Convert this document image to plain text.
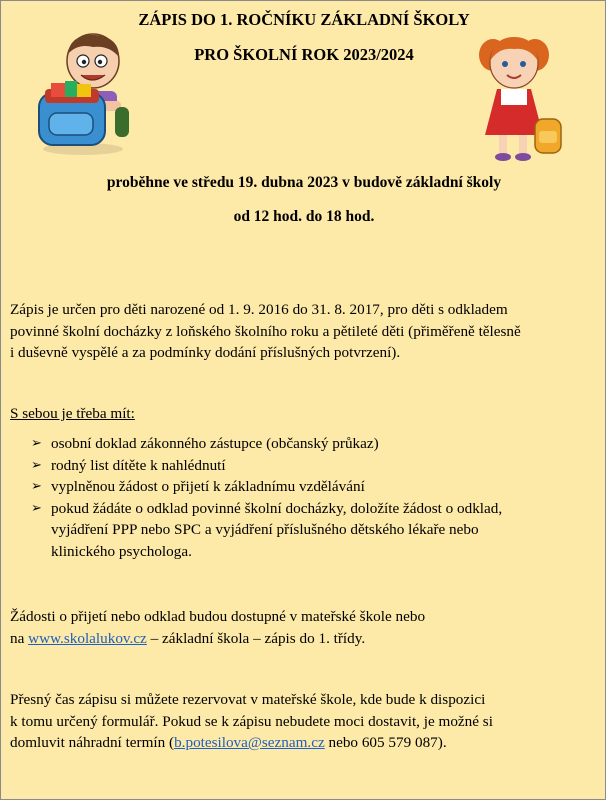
ZÁPIS DO 1. ROČNÍKU ZÁKLADNÍ ŠKOLY
PRO ŠKOLNÍ ROK 2023/2024
proběhne ve středu 19. dubna 2023 v budově základní školy
od 12 hod. do 18 hod.
Zápis je určen pro děti narozené od 1. 9. 2016 do 31. 8. 2017, pro děti s odkladem
povinné školní docházky z loňského školního roku a pětileté děti (přiměřeně tělesně
i duševně vyspělé a za podmínky dodání příslušných potvrzení).
S sebou je třeba mít:
➢ osobní doklad zákonného zástupce (občanský průkaz)
➢ rodný list dítěte k nahlédnutí
➢ vyplněnou žádost o přijetí k základnímu vzdělávání
➢ pokud žádáte o odklad povinné školní docházky, doložíte žádost o odklad,
vyjádření PPP nebo SPC a vyjádření příslušného dětského lékaře nebo
klinického psychologa.
Žádosti o přijetí nebo odklad budou dostupné v mateřské škole nebo
na www.skolalukov.cz – základní škola – zápis do 1. třídy.
Přesný čas zápisu si můžete rezervovat v mateřské škole, kde bude k dispozici
k tomu určený formulář. Pokud se k zápisu nebudete moci dostavit, je možné si
domluvit náhradní termín (b.potesilova@seznam.cz nebo 605 579 087).
